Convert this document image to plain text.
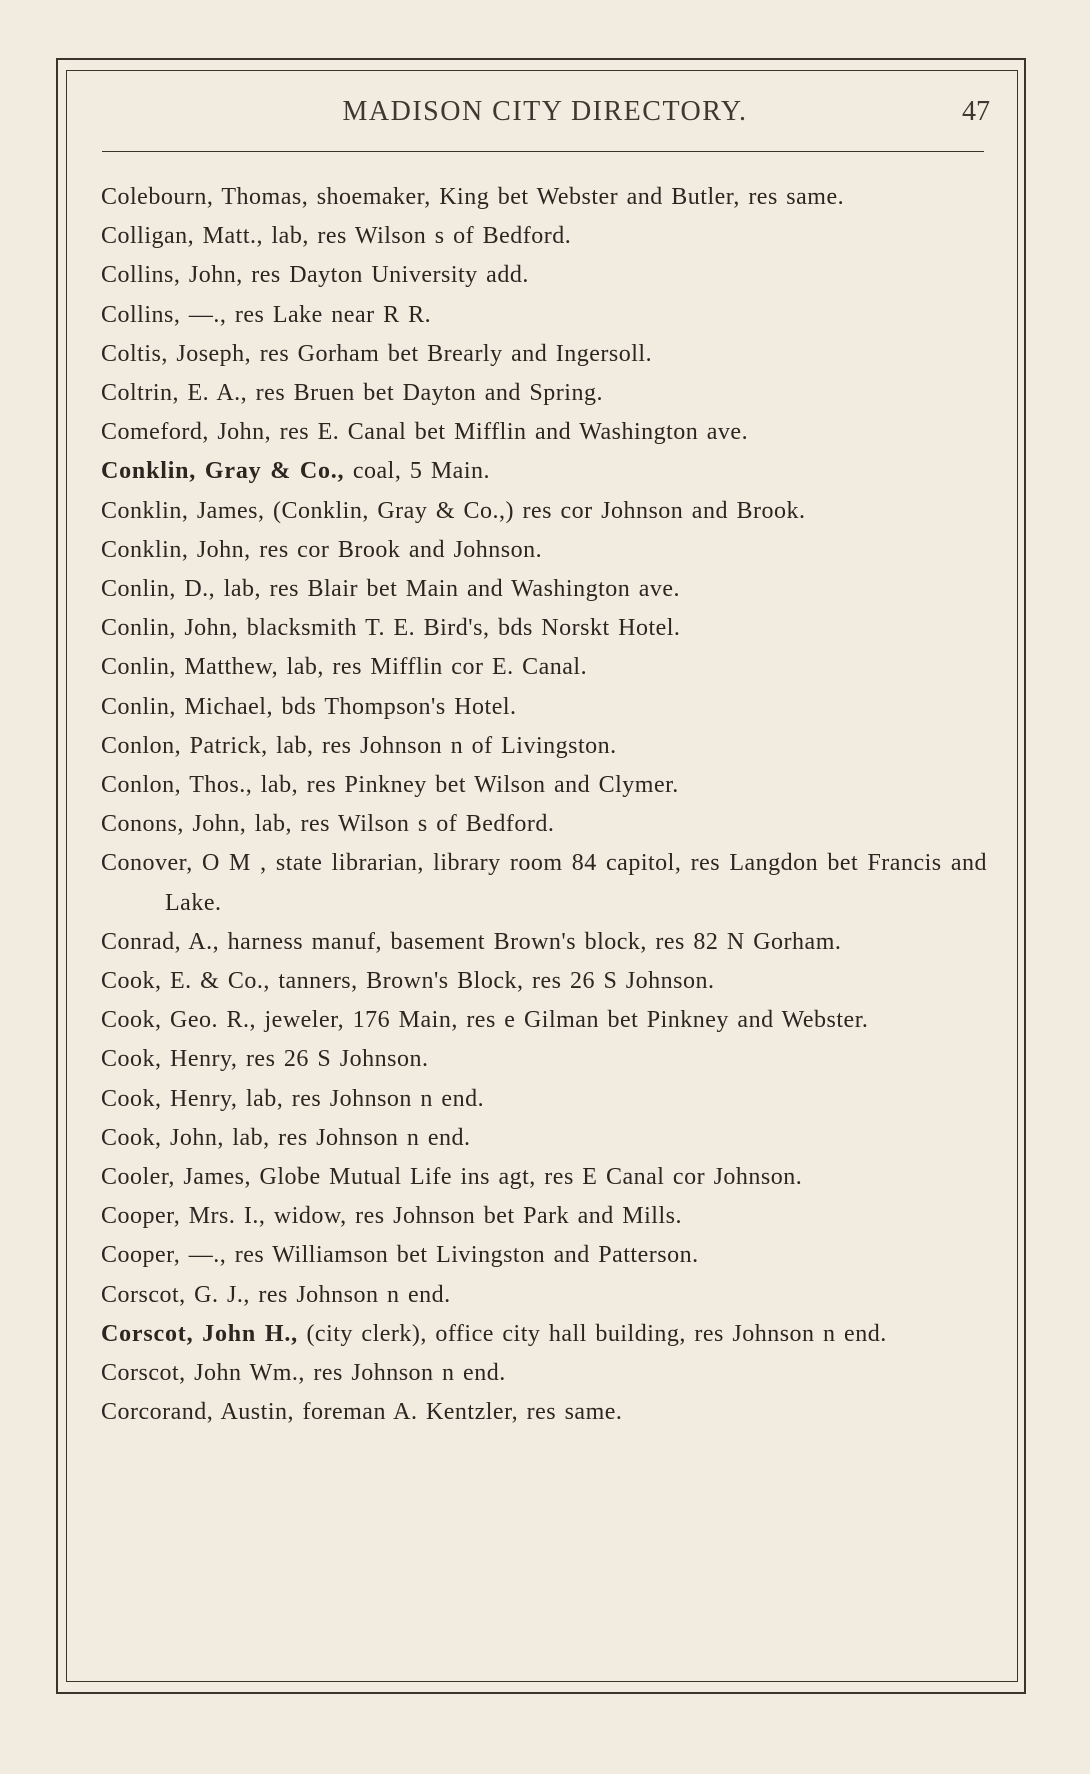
MADISON CITY DIRECTORY.	47
Colebourn, Thomas, shoemaker, King bet Webster and Butler, res same.
Colligan, Matt., lab, res Wilson s of Bedford.
Collins, John, res Dayton University add.
Collins, —., res Lake near R R.
Coltis, Joseph, res Gorham bet Brearly and Ingersoll.
Coltrin, E. A., res Bruen bet Dayton and Spring.
Comeford, John, res E. Canal bet Mifflin and Washington ave.
Conklin, Gray & Co., coal, 5 Main.
Conklin, James, (Conklin, Gray & Co.,) res cor Johnson and Brook.
Conklin, John, res cor Brook and Johnson.
Conlin, D., lab, res Blair bet Main and Washington ave.
Conlin, John, blacksmith T. E. Bird's, bds Norskt Hotel.
Conlin, Matthew, lab, res Mifflin cor E. Canal.
Conlin, Michael, bds Thompson's Hotel.
Conlon, Patrick, lab, res Johnson n of Livingston.
Conlon, Thos., lab, res Pinkney bet Wilson and Clymer.
Conons, John, lab, res Wilson s of Bedford.
Conover, O M , state librarian, library room 84 capitol, res Langdon bet Francis and Lake.
Conrad, A., harness manuf, basement Brown's block, res 82 N Gorham.
Cook, E. & Co., tanners, Brown's Block, res 26 S Johnson.
Cook, Geo. R., jeweler, 176 Main, res e Gilman bet Pinkney and Webster.
Cook, Henry, res 26 S Johnson.
Cook, Henry, lab, res Johnson n end.
Cook, John, lab, res Johnson n end.
Cooler, James, Globe Mutual Life ins agt, res E Canal cor Johnson.
Cooper, Mrs. I., widow, res Johnson bet Park and Mills.
Cooper, —., res Williamson bet Livingston and Patterson.
Corscot, G. J., res Johnson n end.
Corscot, John H., (city clerk), office city hall building, res Johnson n end.
Corscot, John Wm., res Johnson n end.
Corcorand, Austin, foreman A. Kentzler, res same.
